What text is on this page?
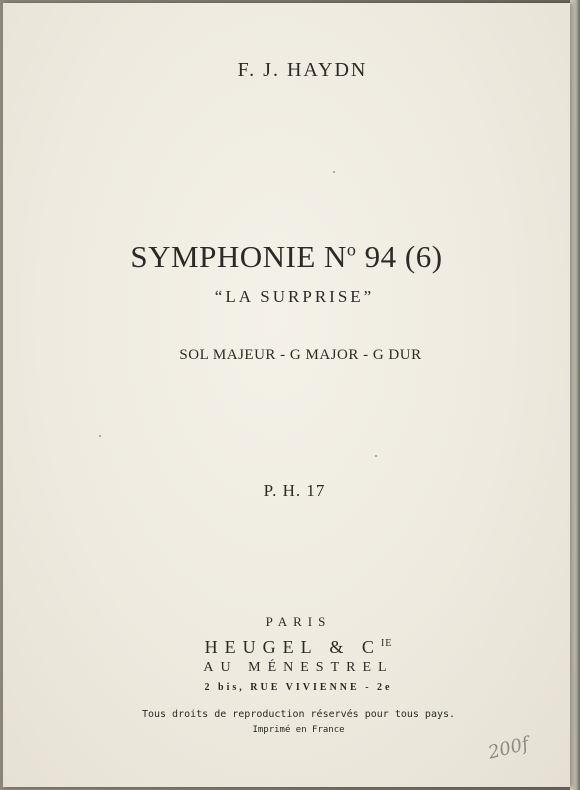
F. J. HAYDN
SYMPHONIE $N^o$ 94 (6)
“LA SURPRISE”
SOL MAJEUR - G MAJOR - G DUR
P. H. 17
PARIS
HEUGEL & $C^{IE}$
AU MÉNESTREL
2 bis, RUE VIVIENNE - 2e
Tous droits de reproduction réservés pour tous pays.
Imprimé en France
200f
